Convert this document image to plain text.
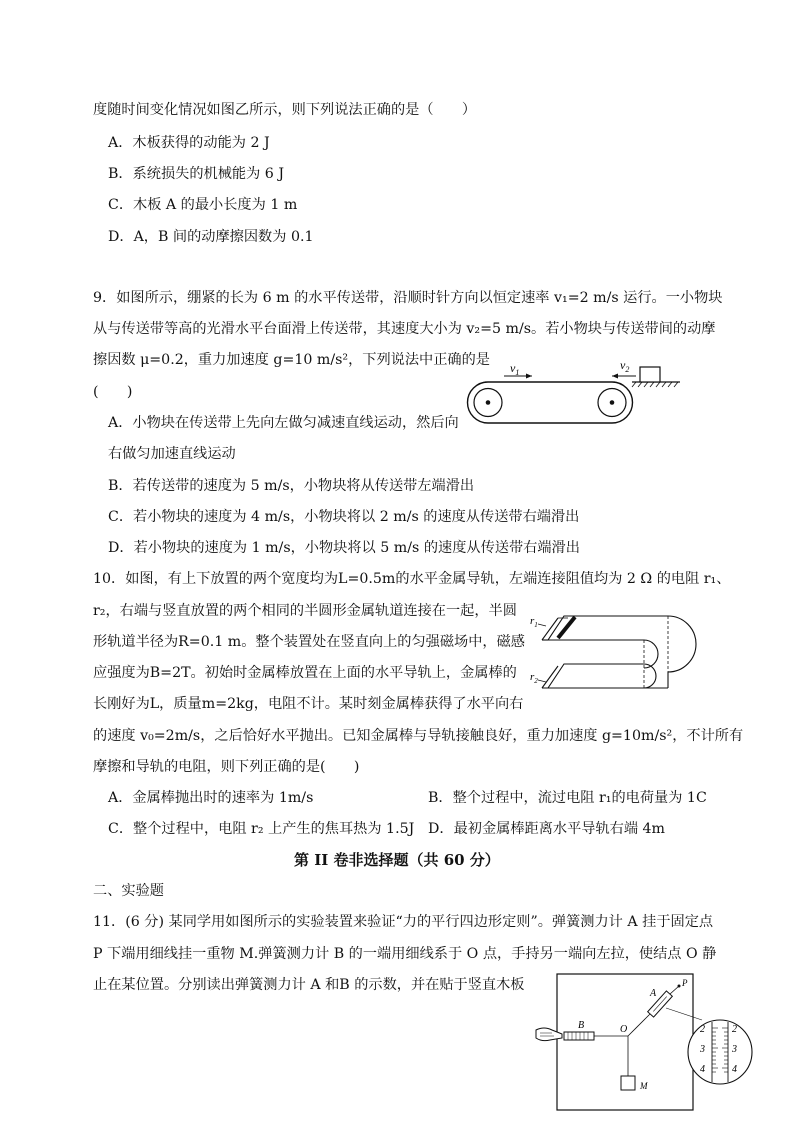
度随时间变化情况如图乙所示，则下列说法正确的是（　　）
A．木板获得的动能为 2 J
B．系统损失的机械能为 6 J
C．木板 A 的最小长度为 1 m
D．A，B 间的动摩擦因数为 0.1
9．如图所示，绷紧的长为 6 m 的水平传送带，沿顺时针方向以恒定速率 v₁=2 m/s 运行。一小物块
从与传送带等高的光滑水平台面滑上传送带，其速度大小为 v₂=5 m/s。若小物块与传送带间的动摩
擦因数 μ=0.2，重力加速度 g=10 m/s²，下列说法中正确的是
(　　)
A．小物块在传送带上先向左做匀减速直线运动，然后向
右做匀加速直线运动
B．若传送带的速度为 5 m/s，小物块将从传送带左端滑出
C．若小物块的速度为 4 m/s，小物块将以 2 m/s 的速度从传送带右端滑出
D．若小物块的速度为 1 m/s，小物块将以 5 m/s 的速度从传送带右端滑出
$v_1$
$v_2$
10．如图，有上下放置的两个宽度均为L=0.5m的水平金属导轨，左端连接阻值均为 2 Ω 的电阻 r₁、
r₂，右端与竖直放置的两个相同的半圆形金属轨道连接在一起，半圆
形轨道半径为R=0.1 m。整个装置处在竖直向上的匀强磁场中，磁感
应强度为B=2T。初始时金属棒放置在上面的水平导轨上，金属棒的
长刚好为L，质量m=2kg，电阻不计。某时刻金属棒获得了水平向右
的速度 v₀=2m/s，之后恰好水平抛出。已知金属棒与导轨接触良好，重力加速度 g=10m/s²，不计所有
摩擦和导轨的电阻，则下列正确的是(　　)
A．金属棒抛出时的速率为 1m/s	B．整个过程中，流过电阻 r₁的电荷量为 1C
C．整个过程中，电阻 r₂ 上产生的焦耳热为 1.5J D．最初金属棒距离水平导轨右端 4m
$r_1$
$r_2$
第 II 卷非选择题（共 60 分）
二、实验题
11．(6 分) 某同学用如图所示的实验装置来验证“力的平行四边形定则”。弹簧测力计 A 挂于固定点
P 下端用细线挂一重物 M.弹簧测力计 B 的一端用细线系于 O 点，手持另一端向左拉，使结点 O 静
止在某位置。分别读出弹簧测力计 A 和B 的示数，并在贴于竖直木板	P
A
O
M
B	2
3
4
2
3
4
